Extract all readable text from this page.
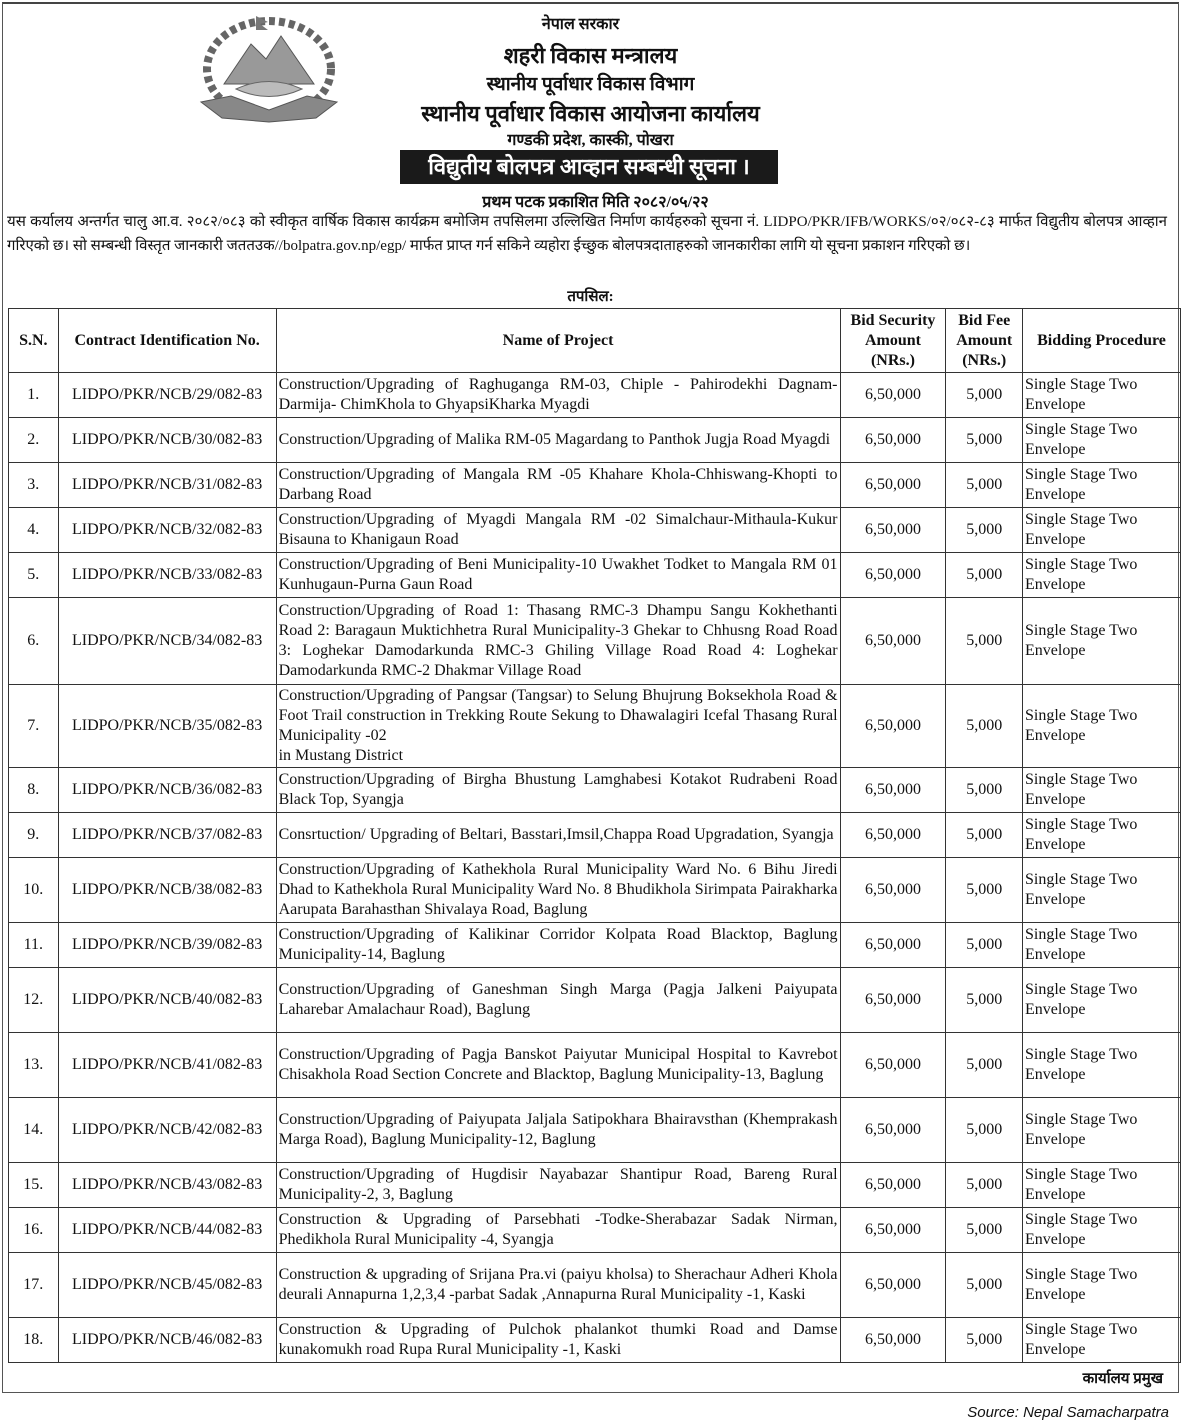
नेपाल सरकार
शहरी विकास मन्त्रालय
स्थानीय पूर्वाधार विकास विभाग
स्थानीय पूर्वाधार विकास आयोजना कार्यालय
गण्डकी प्रदेश, कास्की, पोखरा
विद्युतीय बोलपत्र आव्हान सम्बन्धी सूचना ।
प्रथम पटक प्रकाशित मिति २०८२/०५/२२
यस कर्यालय अन्तर्गत चालु आ.व. २०८२/०८३ को स्वीकृत वार्षिक विकास कार्यक्रम बमोजिम तपसिलमा उल्लिखित निर्माण कार्यहरुको सूचना नं. LIDPO/PKR/IFB/WORKS/०२/०८२-८३ मार्फत विद्युतीय बोलपत्र आव्हान गरिएको छ। सो सम्बन्धी विस्तृत जानकारी जततउक//bolpatra.gov.np/egp/ मार्फत प्राप्त गर्न सकिने व्यहोरा ईच्छुक बोलपत्रदाताहरुको जानकारीका लागि यो सूचना प्रकाशन गरिएको छ।
तपसिल:
S.N.	Contract Identification No.	Name of Project	Bid Security Amount (NRs.)	Bid Fee Amount (NRs.)	Bidding Procedure
1.	LIDPO/PKR/NCB/29/082-83	Construction/Upgrading of Raghuganga RM-03, Chiple - Pahirodekhi Dagnam-Darmija- ChimKhola to GhyapsiKharka Myagdi	6,50,000	5,000	Single Stage Two Envelope
2.	LIDPO/PKR/NCB/30/082-83	Construction/Upgrading of Malika RM-05 Magardang to Panthok Jugja Road Myagdi	6,50,000	5,000	Single Stage Two Envelope
3.	LIDPO/PKR/NCB/31/082-83	Construction/Upgrading of Mangala RM -05 Khahare Khola-Chhiswang-Khopti to Darbang Road	6,50,000	5,000	Single Stage Two Envelope
4.	LIDPO/PKR/NCB/32/082-83	Construction/Upgrading of Myagdi Mangala RM -02 Simalchaur-Mithaula-Kukur Bisauna to Khanigaun Road	6,50,000	5,000	Single Stage Two Envelope
5.	LIDPO/PKR/NCB/33/082-83	Construction/Upgrading of Beni Municipality-10 Uwakhet Todket to Mangala RM 01 Kunhugaun-Purna Gaun Road	6,50,000	5,000	Single Stage Two Envelope
6.	LIDPO/PKR/NCB/34/082-83	Construction/Upgrading of Road 1: Thasang RMC-3 Dhampu Sangu Kokhethanti Road 2: Baragaun Muktichhetra Rural Municipality-3 Ghekar to Chhusng Road Road 3: Loghekar Damodarkunda RMC-3 Ghiling Village Road Road 4: Loghekar Damodarkunda RMC-2 Dhakmar Village Road	6,50,000	5,000	Single Stage Two Envelope
7.	LIDPO/PKR/NCB/35/082-83	Construction/Upgrading of Pangsar (Tangsar) to Selung Bhujrung Boksekhola Road & Foot Trail construction in Trekking Route Sekung to Dhawalagiri Icefal Thasang Rural Municipality -02
in Mustang District	6,50,000	5,000	Single Stage Two Envelope
8.	LIDPO/PKR/NCB/36/082-83	Construction/Upgrading of Birgha Bhustung Lamghabesi Kotakot Rudrabeni Road Black Top, Syangja	6,50,000	5,000	Single Stage Two Envelope
9.	LIDPO/PKR/NCB/37/082-83	Consrtuction/ Upgrading of Beltari, Basstari,Imsil,Chappa Road Upgradation, Syangja	6,50,000	5,000	Single Stage Two Envelope
10.	LIDPO/PKR/NCB/38/082-83	Construction/Upgrading of Kathekhola Rural Municipality Ward No. 6 Bihu Jiredi Dhad to Kathekhola Rural Municipality Ward No. 8 Bhudikhola Sirimpata Pairakharka Aarupata Barahasthan Shivalaya Road, Baglung	6,50,000	5,000	Single Stage Two Envelope
11.	LIDPO/PKR/NCB/39/082-83	Construction/Upgrading of Kalikinar Corridor Kolpata Road Blacktop, Baglung Municipality-14, Baglung	6,50,000	5,000	Single Stage Two Envelope
12.	LIDPO/PKR/NCB/40/082-83	Construction/Upgrading of Ganeshman Singh Marga (Pagja Jalkeni Paiyupata Laharebar Amalachaur Road), Baglung	6,50,000	5,000	Single Stage Two Envelope
13.	LIDPO/PKR/NCB/41/082-83	Construction/Upgrading of Pagja Banskot Paiyutar Municipal Hospital to Kavrebot Chisakhola Road Section Concrete and Blacktop, Baglung Municipality-13, Baglung	6,50,000	5,000	Single Stage Two Envelope
14.	LIDPO/PKR/NCB/42/082-83	Construction/Upgrading of Paiyupata Jaljala Satipokhara Bhairavsthan (Khemprakash Marga Road), Baglung Municipality-12, Baglung	6,50,000	5,000	Single Stage Two Envelope
15.	LIDPO/PKR/NCB/43/082-83	Construction/Upgrading of Hugdisir Nayabazar Shantipur Road, Bareng Rural Municipality-2, 3, Baglung	6,50,000	5,000	Single Stage Two Envelope
16.	LIDPO/PKR/NCB/44/082-83	Construction & Upgrading of Parsebhati -Todke-Sherabazar Sadak Nirman, Phedikhola Rural Municipality -4, Syangja	6,50,000	5,000	Single Stage Two Envelope
17.	LIDPO/PKR/NCB/45/082-83	Construction & upgrading of Srijana Pra.vi (paiyu kholsa) to Sherachaur Adheri Khola deurali Annapurna 1,2,3,4 -parbat Sadak ,Annapurna Rural Municipality -1, Kaski	6,50,000	5,000	Single Stage Two Envelope
18.	LIDPO/PKR/NCB/46/082-83	Construction & Upgrading of Pulchok phalankot thumki Road and Damse kunakomukh road Rupa Rural Municipality -1, Kaski	6,50,000	5,000	Single Stage Two Envelope
कार्यालय प्रमुख
Source: Nepal Samacharpatra
